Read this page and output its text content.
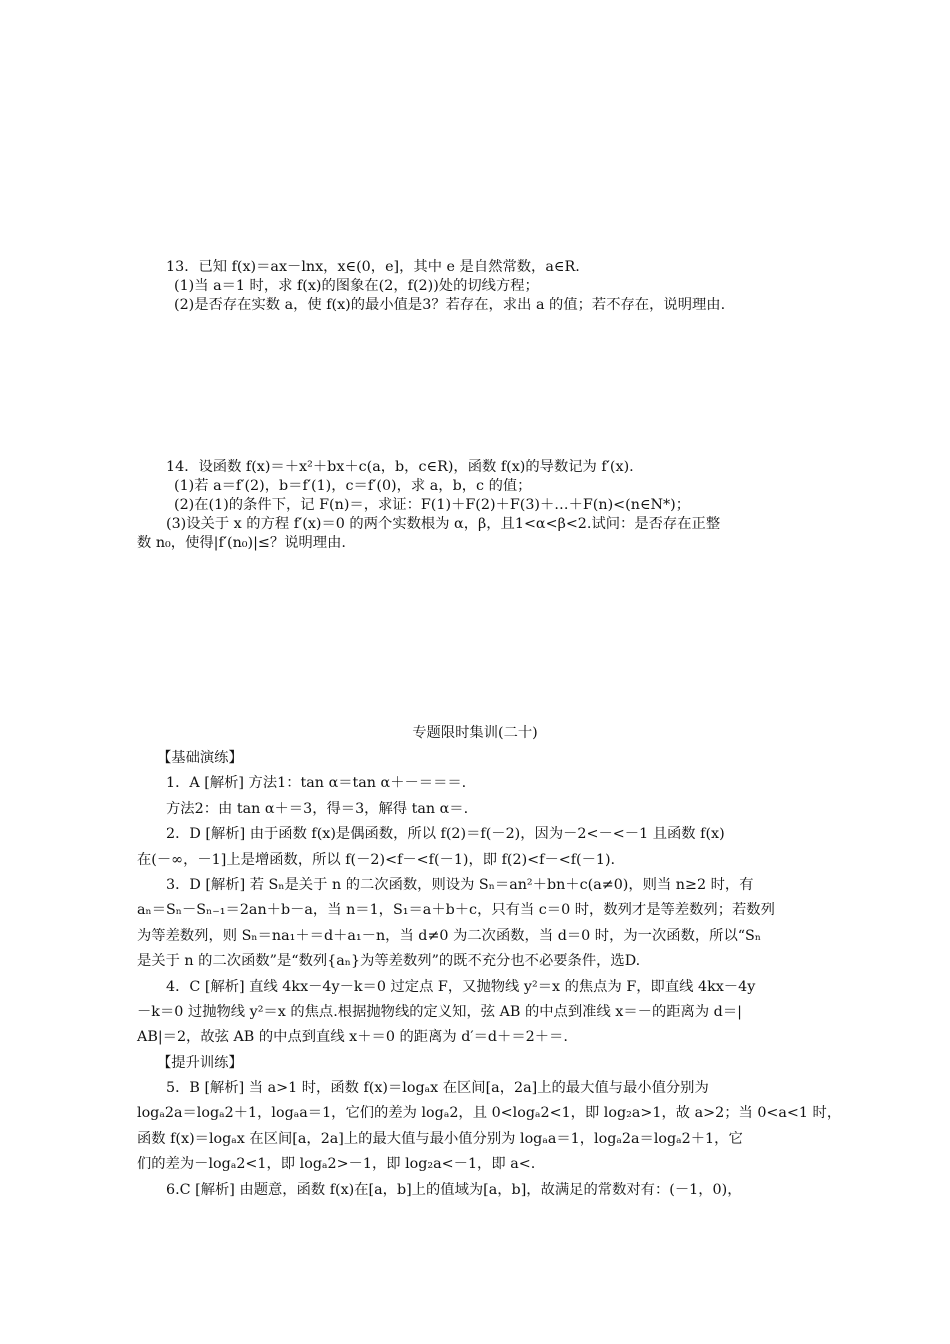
13．已知 f(x)＝ax－lnx，x∈(0，e]，其中 e 是自然常数，a∈R.
(1)当 a＝1 时，求 f(x)的图象在(2，f(2))处的切线方程；
(2)是否存在实数 a，使 f(x)的最小值是3？若存在，求出 a 的值；若不存在，说明理由.
14．设函数 f(x)＝＋x²＋bx＋c(a，b，c∈R)，函数 f(x)的导数记为 f′(x).
(1)若 a＝f′(2)，b＝f′(1)，c＝f′(0)，求 a，b，c 的值；
(2)在(1)的条件下，记 F(n)＝，求证：F(1)＋F(2)＋F(3)＋…＋F(n)<(n∈N*)；
(3)设关于 x 的方程 f′(x)＝0 的两个实数根为 α，β，且1<α<β<2.试问：是否存在正整
数 n₀，使得|f′(n₀)|≤？说明理由.
专题限时集训(二十)
【基础演练】
1．A [解析] 方法1：tan α＝tan α＋－＝＝＝.
方法2：由 tan α＋＝3，得＝3，解得 tan α＝.
2．D [解析] 由于函数 f(x)是偶函数，所以 f(2)＝f(－2)，因为－2<－<－1 且函数 f(x)
在(－∞，－1]上是增函数，所以 f(－2)<f－<f(－1)，即 f(2)<f－<f(－1).
3．D [解析] 若 Sₙ是关于 n 的二次函数，则设为 Sₙ＝an²＋bn＋c(a≠0)，则当 n≥2 时，有
aₙ＝Sₙ－Sₙ₋₁＝2an＋b－a，当 n＝1，S₁＝a＋b＋c，只有当 c＝0 时，数列才是等差数列；若数列
为等差数列，则 Sₙ＝na₁＋＝d＋a₁－n，当 d≠0 为二次函数，当 d＝0 时，为一次函数，所以“Sₙ
是关于 n 的二次函数”是“数列{aₙ}为等差数列”的既不充分也不必要条件，选D.
4．C [解析] 直线 4kx－4y－k＝0 过定点 F，又抛物线 y²＝x 的焦点为 F，即直线 4kx－4y
－k＝0 过抛物线 y²＝x 的焦点.根据抛物线的定义知，弦 AB 的中点到准线 x＝－的距离为 d＝|
AB|＝2，故弦 AB 的中点到直线 x＋＝0 的距离为 d′＝d＋＝2＋＝.
【提升训练】
5．B [解析] 当 a>1 时，函数 f(x)＝logₐx 在区间[a，2a]上的最大值与最小值分别为
logₐ2a＝logₐ2＋1，logₐa＝1，它们的差为 logₐ2，且 0<logₐ2<1，即 log₂a>1，故 a>2；当 0<a<1 时，
函数 f(x)＝logₐx 在区间[a，2a]上的最大值与最小值分别为 logₐa＝1，logₐ2a＝logₐ2＋1，它
们的差为－logₐ2<1，即 logₐ2>－1，即 log₂a<－1，即 a<.
6.C [解析] 由题意，函数 f(x)在[a，b]上的值域为[a，b]，故满足的常数对有：(－1，0)，
